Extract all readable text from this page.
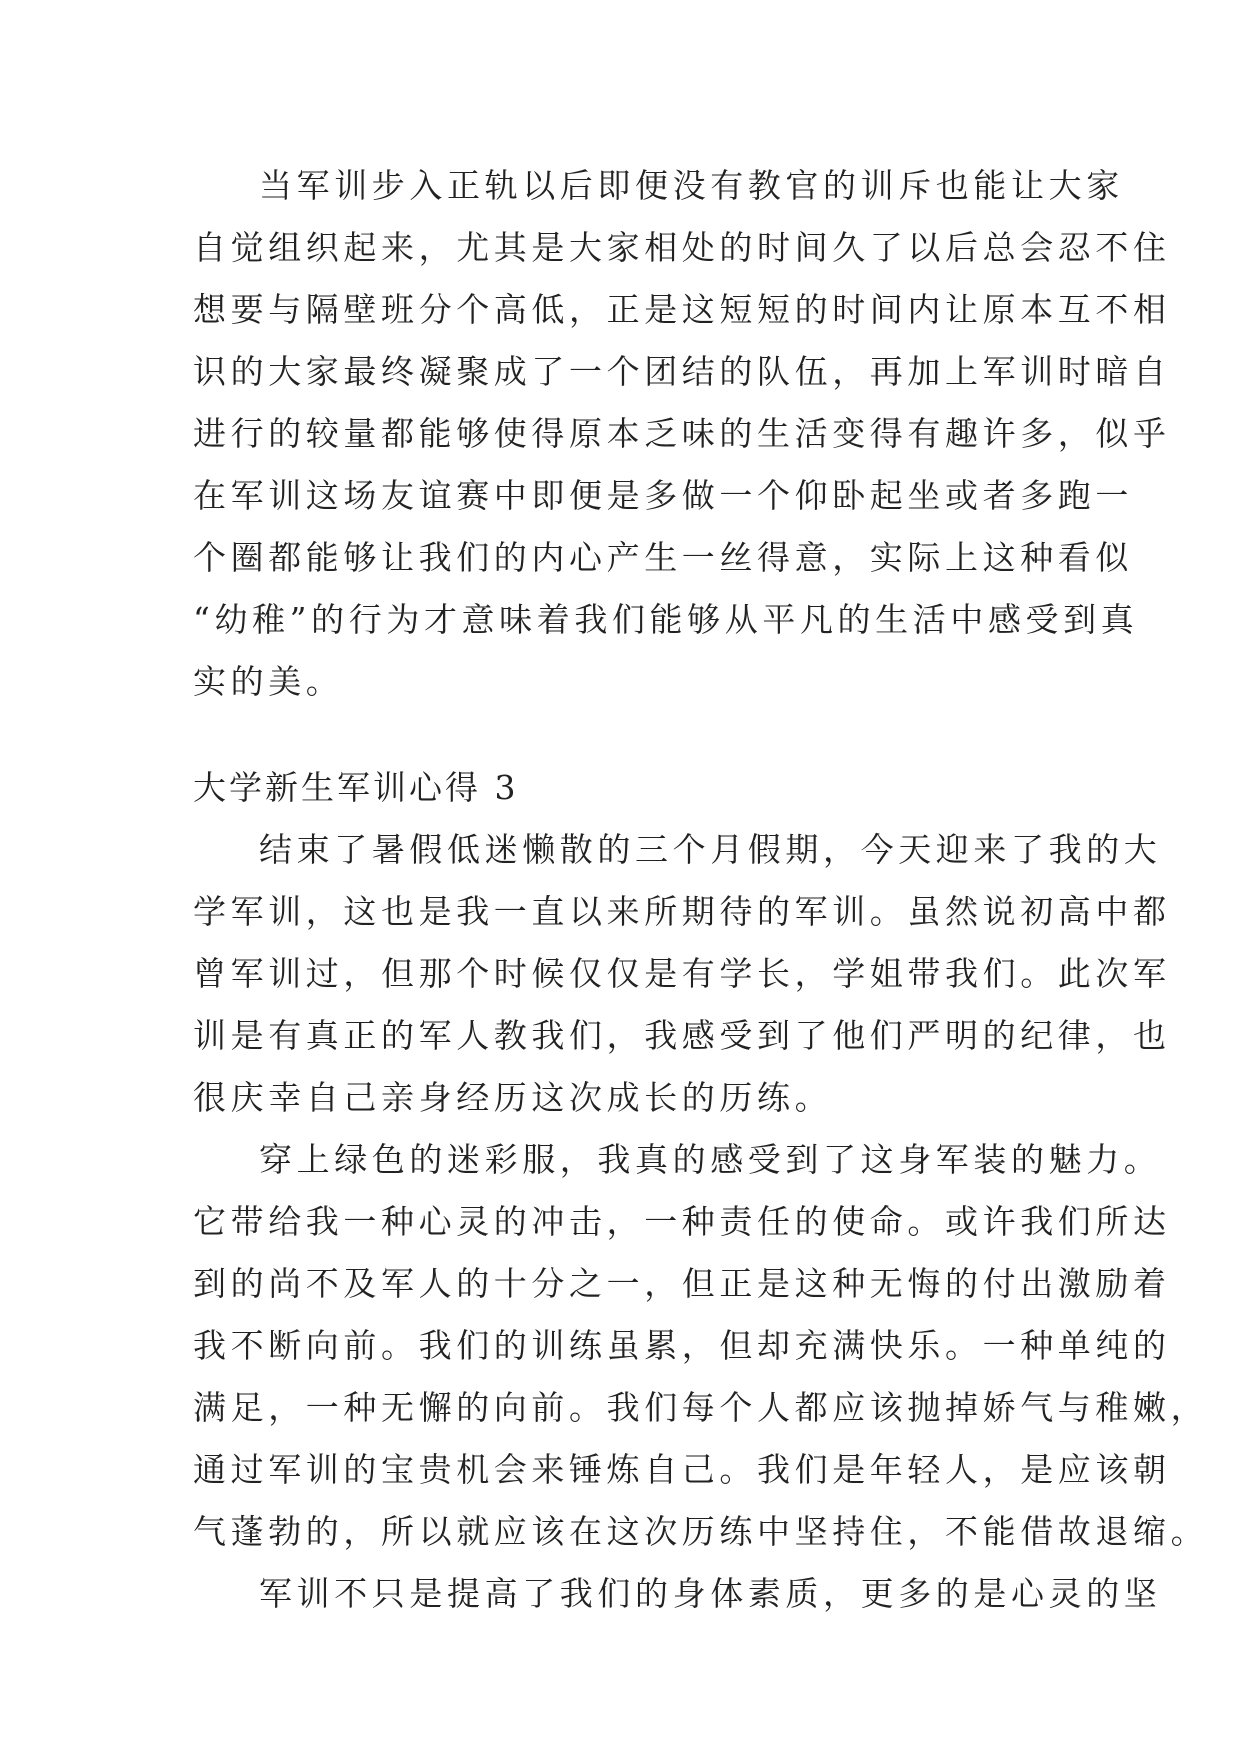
当军训步入正轨以后即便没有教官的训斥也能让大家
自觉组织起来，尤其是大家相处的时间久了以后总会忍不住
想要与隔壁班分个高低，正是这短短的时间内让原本互不相
识的大家最终凝聚成了一个团结的队伍，再加上军训时暗自
进行的较量都能够使得原本乏味的生活变得有趣许多，似乎
在军训这场友谊赛中即便是多做一个仰卧起坐或者多跑一
个圈都能够让我们的内心产生一丝得意，实际上这种看似
“幼稚”的行为才意味着我们能够从平凡的生活中感受到真
实的美。
大学新生军训心得 3
结束了暑假低迷懒散的三个月假期，今天迎来了我的大
学军训，这也是我一直以来所期待的军训。虽然说初高中都
曾军训过，但那个时候仅仅是有学长，学姐带我们。此次军
训是有真正的军人教我们，我感受到了他们严明的纪律，也
很庆幸自己亲身经历这次成长的历练。
穿上绿色的迷彩服，我真的感受到了这身军装的魅力。
它带给我一种心灵的冲击，一种责任的使命。或许我们所达
到的尚不及军人的十分之一，但正是这种无悔的付出激励着
我不断向前。我们的训练虽累，但却充满快乐。一种单纯的
满足，一种无懈的向前。我们每个人都应该抛掉娇气与稚嫩，
通过军训的宝贵机会来锤炼自己。我们是年轻人，是应该朝
气蓬勃的，所以就应该在这次历练中坚持住，不能借故退缩。
军训不只是提高了我们的身体素质，更多的是心灵的坚
